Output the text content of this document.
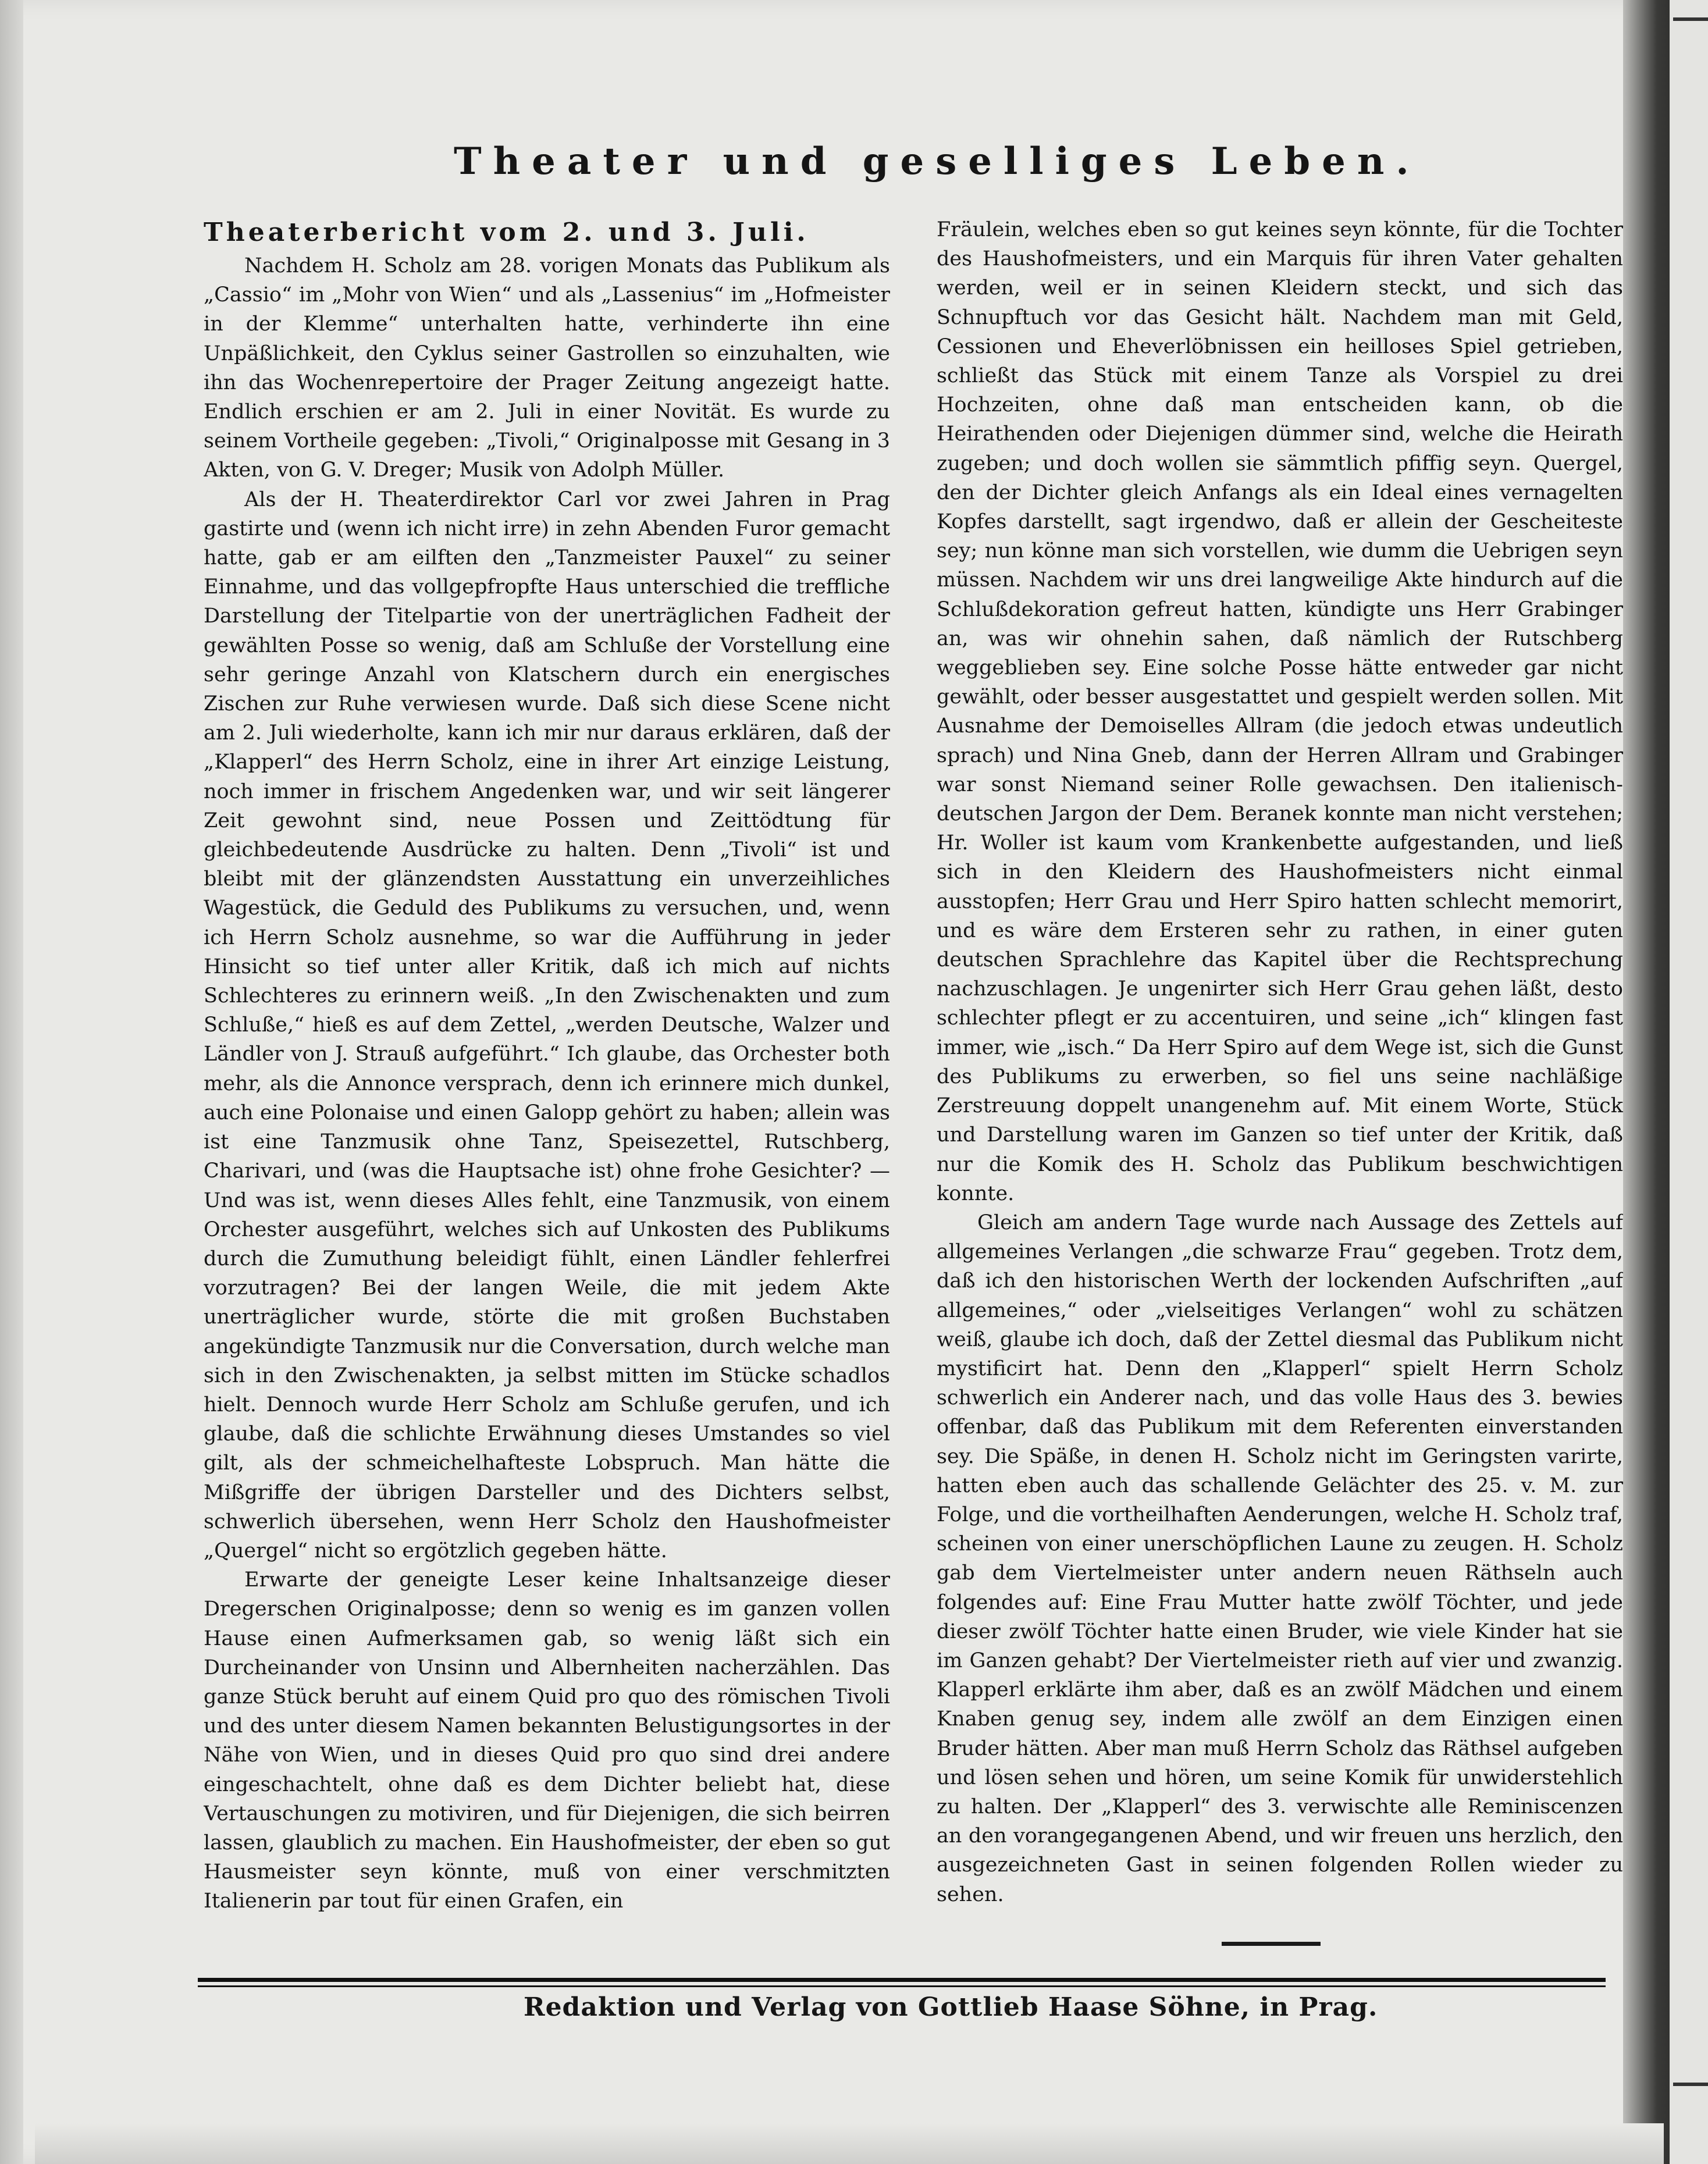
Theater und geselliges Leben.
Theaterbericht vom 2. und 3. Juli.

Nachdem H. Scholz am 28. vorigen Monats das Publikum als „Cassio“ im „Mohr von Wien“ und als „Lassenius“ im „Hofmeister in der Klemme“ unterhalten hatte, verhinderte ihn eine Unpäßlichkeit, den Cyklus seiner Gastrollen so einzuhalten, wie ihn das Wochenrepertoire der Prager Zeitung angezeigt hatte. Endlich erschien er am 2. Juli in einer Novität. Es wurde zu seinem Vortheile gegeben: „Tivoli,“ Originalposse mit Gesang in 3 Akten, von G. V. Dreger; Musik von Adolph Müller.

Als der H. Theaterdirektor Carl vor zwei Jahren in Prag gastirte und (wenn ich nicht irre) in zehn Abenden Furor gemacht hatte, gab er am eilften den „Tanzmeister Pauxel“ zu seiner Einnahme, und das vollgepfropfte Haus unterschied die treffliche Darstellung der Titelpartie von der unerträglichen Fadheit der gewählten Posse so wenig, daß am Schluße der Vorstellung eine sehr geringe Anzahl von Klatschern durch ein energisches Zischen zur Ruhe verwiesen wurde. Daß sich diese Scene nicht am 2. Juli wiederholte, kann ich mir nur daraus erklären, daß der „Klapperl“ des Herrn Scholz, eine in ihrer Art einzige Leistung, noch immer in frischem Angedenken war, und wir seit längerer Zeit gewohnt sind, neue Possen und Zeittödtung für gleichbedeutende Ausdrücke zu halten. Denn „Tivoli“ ist und bleibt mit der glänzendsten Ausstattung ein unverzeihliches Wagestück, die Geduld des Publikums zu versuchen, und, wenn ich Herrn Scholz ausnehme, so war die Aufführung in jeder Hinsicht so tief unter aller Kritik, daß ich mich auf nichts Schlechteres zu erinnern weiß. „In den Zwischenakten und zum Schluße,“ hieß es auf dem Zettel, „werden Deutsche, Walzer und Ländler von J. Strauß aufgeführt.“ Ich glaube, das Orchester both mehr, als die Annonce versprach, denn ich erinnere mich dunkel, auch eine Polonaise und einen Galopp gehört zu haben; allein was ist eine Tanzmusik ohne Tanz, Speisezettel, Rutschberg, Charivari, und (was die Hauptsache ist) ohne frohe Gesichter? — Und was ist, wenn dieses Alles fehlt, eine Tanzmusik, von einem Orchester ausgeführt, welches sich auf Unkosten des Publikums durch die Zumuthung beleidigt fühlt, einen Ländler fehlerfrei vorzutragen? Bei der langen Weile, die mit jedem Akte unerträglicher wurde, störte die mit großen Buchstaben angekündigte Tanzmusik nur die Conversation, durch welche man sich in den Zwischenakten, ja selbst mitten im Stücke schadlos hielt. Dennoch wurde Herr Scholz am Schluße gerufen, und ich glaube, daß die schlichte Erwähnung dieses Umstandes so viel gilt, als der schmeichelhafteste Lobspruch. Man hätte die Mißgriffe der übrigen Darsteller und des Dichters selbst, schwerlich übersehen, wenn Herr Scholz den Haushofmeister „Quergel“ nicht so ergötzlich gegeben hätte.

Erwarte der geneigte Leser keine Inhaltsanzeige dieser Dregerschen Originalposse; denn so wenig es im ganzen vollen Hause einen Aufmerksamen gab, so wenig läßt sich ein Durcheinander von Unsinn und Albernheiten nacherzählen. Das ganze Stück beruht auf einem Quid pro quo des römischen Tivoli und des unter diesem Namen bekannten Belustigungsortes in der Nähe von Wien, und in dieses Quid pro quo sind drei andere eingeschachtelt, ohne daß es dem Dichter beliebt hat, diese Vertauschungen zu motiviren, und für Diejenigen, die sich beirren lassen, glaublich zu machen. Ein Haushofmeister, der eben so gut Hausmeister seyn könnte, muß von einer verschmitzten Italienerin par tout für einen Grafen, ein

Fräulein, welches eben so gut keines seyn könnte, für die Tochter des Haushofmeisters, und ein Marquis für ihren Vater gehalten werden, weil er in seinen Kleidern steckt, und sich das Schnupftuch vor das Gesicht hält. Nachdem man mit Geld, Cessionen und Eheverlöbnissen ein heilloses Spiel getrieben, schließt das Stück mit einem Tanze als Vorspiel zu drei Hochzeiten, ohne daß man entscheiden kann, ob die Heirathenden oder Diejenigen dümmer sind, welche die Heirath zugeben; und doch wollen sie sämmtlich pfiffig seyn. Quergel, den der Dichter gleich Anfangs als ein Ideal eines vernagelten Kopfes darstellt, sagt irgendwo, daß er allein der Gescheiteste sey; nun könne man sich vorstellen, wie dumm die Uebrigen seyn müssen. Nachdem wir uns drei langweilige Akte hindurch auf die Schlußdekoration gefreut hatten, kündigte uns Herr Grabinger an, was wir ohnehin sahen, daß nämlich der Rutschberg weggeblieben sey. Eine solche Posse hätte entweder gar nicht gewählt, oder besser ausgestattet und gespielt werden sollen. Mit Ausnahme der Demoiselles Allram (die jedoch etwas undeutlich sprach) und Nina Gneb, dann der Herren Allram und Grabinger war sonst Niemand seiner Rolle gewachsen. Den italienisch-deutschen Jargon der Dem. Beranek konnte man nicht verstehen; Hr. Woller ist kaum vom Krankenbette aufgestanden, und ließ sich in den Kleidern des Haushofmeisters nicht einmal ausstopfen; Herr Grau und Herr Spiro hatten schlecht memorirt, und es wäre dem Ersteren sehr zu rathen, in einer guten deutschen Sprachlehre das Kapitel über die Rechtsprechung nachzuschlagen. Je ungenirter sich Herr Grau gehen läßt, desto schlechter pflegt er zu accentuiren, und seine „ich“ klingen fast immer, wie „isch.“ Da Herr Spiro auf dem Wege ist, sich die Gunst des Publikums zu erwerben, so fiel uns seine nachläßige Zerstreuung doppelt unangenehm auf. Mit einem Worte, Stück und Darstellung waren im Ganzen so tief unter der Kritik, daß nur die Komik des H. Scholz das Publikum beschwichtigen konnte.

Gleich am andern Tage wurde nach Aussage des Zettels auf allgemeines Verlangen „die schwarze Frau“ gegeben. Trotz dem, daß ich den historischen Werth der lockenden Aufschriften „auf allgemeines,“ oder „vielseitiges Verlangen“ wohl zu schätzen weiß, glaube ich doch, daß der Zettel diesmal das Publikum nicht mystificirt hat. Denn den „Klapperl“ spielt Herrn Scholz schwerlich ein Anderer nach, und das volle Haus des 3. bewies offenbar, daß das Publikum mit dem Referenten einverstanden sey. Die Späße, in denen H. Scholz nicht im Geringsten varirte, hatten eben auch das schallende Gelächter des 25. v. M. zur Folge, und die vortheilhaften Aenderungen, welche H. Scholz traf, scheinen von einer unerschöpflichen Laune zu zeugen. H. Scholz gab dem Viertelmeister unter andern neuen Räthseln auch folgendes auf: Eine Frau Mutter hatte zwölf Töchter, und jede dieser zwölf Töchter hatte einen Bruder, wie viele Kinder hat sie im Ganzen gehabt? Der Viertelmeister rieth auf vier und zwanzig. Klapperl erklärte ihm aber, daß es an zwölf Mädchen und einem Knaben genug sey, indem alle zwölf an dem Einzigen einen Bruder hätten. Aber man muß Herrn Scholz das Räthsel aufgeben und lösen sehen und hören, um seine Komik für unwiderstehlich zu halten. Der „Klapperl“ des 3. verwischte alle Reminiscenzen an den vorangegangenen Abend, und wir freuen uns herzlich, den ausgezeichneten Gast in seinen folgenden Rollen wieder zu sehen.

Redaktion und Verlag von Gottlieb Haase Söhne, in Prag.
